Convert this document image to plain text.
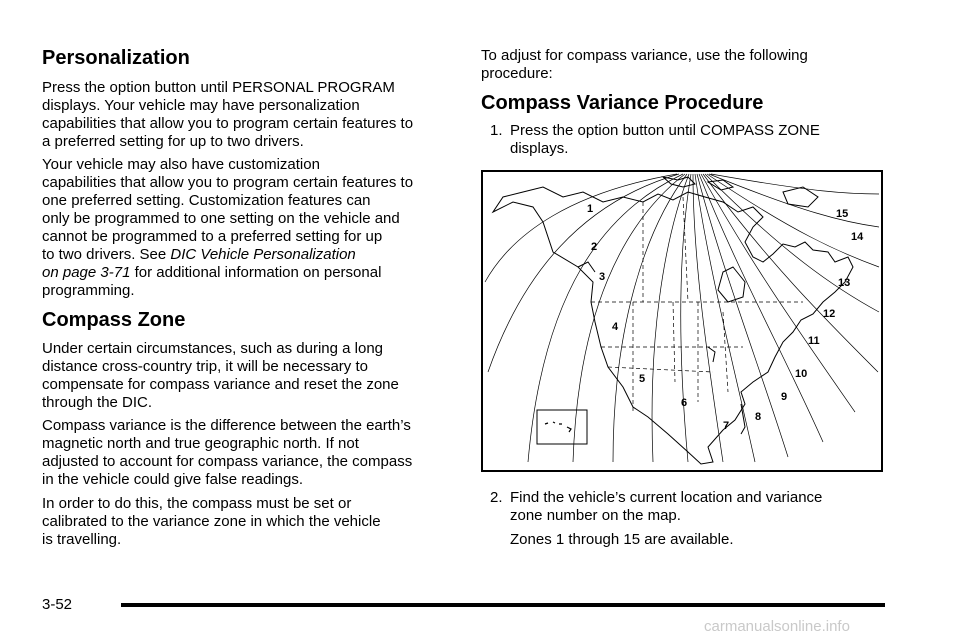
Personalization

Press the option button until PERSONAL PROGRAM
displays. Your vehicle may have personalization
capabilities that allow you to program certain features to
a preferred setting for up to two drivers.

Your vehicle may also have customization
capabilities that allow you to program certain features to
one preferred setting. Customization features can
only be programmed to one setting on the vehicle and
cannot be programmed to a preferred setting for up
to two drivers. See DIC Vehicle Personalization
on page 3-71 for additional information on personal
programming.

Compass Zone

Under certain circumstances, such as during a long
distance cross-country trip, it will be necessary to
compensate for compass variance and reset the zone
through the DIC.

Compass variance is the difference between the earth’s
magnetic north and true geographic north. If not
adjusted to account for compass variance, the compass
in the vehicle could give false readings.

In order to do this, the compass must be set or
calibrated to the variance zone in which the vehicle
is travelling.

To adjust for compass variance, use the following
procedure:

Compass Variance Procedure
1. Press the option button until COMPASS ZONE
displays.
2. Find the vehicle’s current location and variance
zone number on the map.

Zones 1 through 15 are available.

1
2
3
4
5
6
7
8
9
10
11
12
13
14
15
3-52
carmanualsonline.info
